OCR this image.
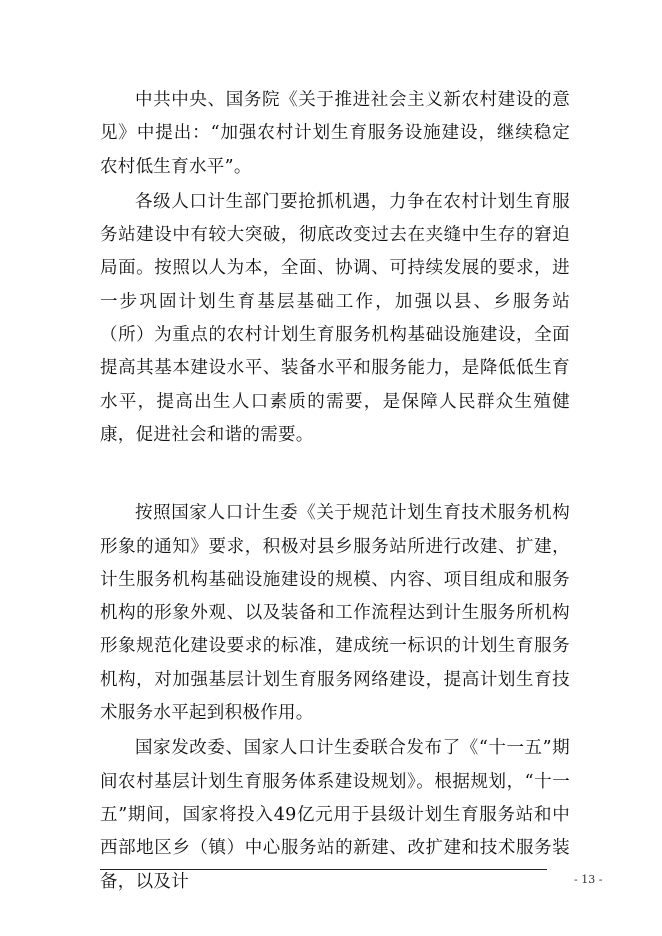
中共中央、国务院《关于推进社会主义新农村建设的意见》中提出：“加强农村计划生育服务设施建设，继续稳定农村低生育水平”。

各级人口计生部门要抢抓机遇，力争在农村计划生育服务站建设中有较大突破，彻底改变过去在夹缝中生存的窘迫局面。按照以人为本，全面、协调、可持续发展的要求，进一步巩固计划生育基层基础工作，加强以县、乡服务站（所）为重点的农村计划生育服务机构基础设施建设，全面提高其基本建设水平、装备水平和服务能力，是降低低生育水平，提高出生人口素质的需要，是保障人民群众生殖健康，促进社会和谐的需要。

按照国家人口计生委《关于规范计划生育技术服务机构形象的通知》要求，积极对县乡服务站所进行改建、扩建，计生服务机构基础设施建设的规模、内容、项目组成和服务机构的形象外观、以及装备和工作流程达到计生服务所机构形象规范化建设要求的标准，建成统一标识的计划生育服务机构，对加强基层计划生育服务网络建设，提高计划生育技术服务水平起到积极作用。

国家发改委、国家人口计生委联合发布了《“十一五”期间农村基层计划生育服务体系建设规划》。根据规划，“十一五”期间，国家将投入49亿元用于县级计划生育服务站和中西部地区乡（镇）中心服务站的新建、改扩建和技术服务装备，以及计	- 13 -
